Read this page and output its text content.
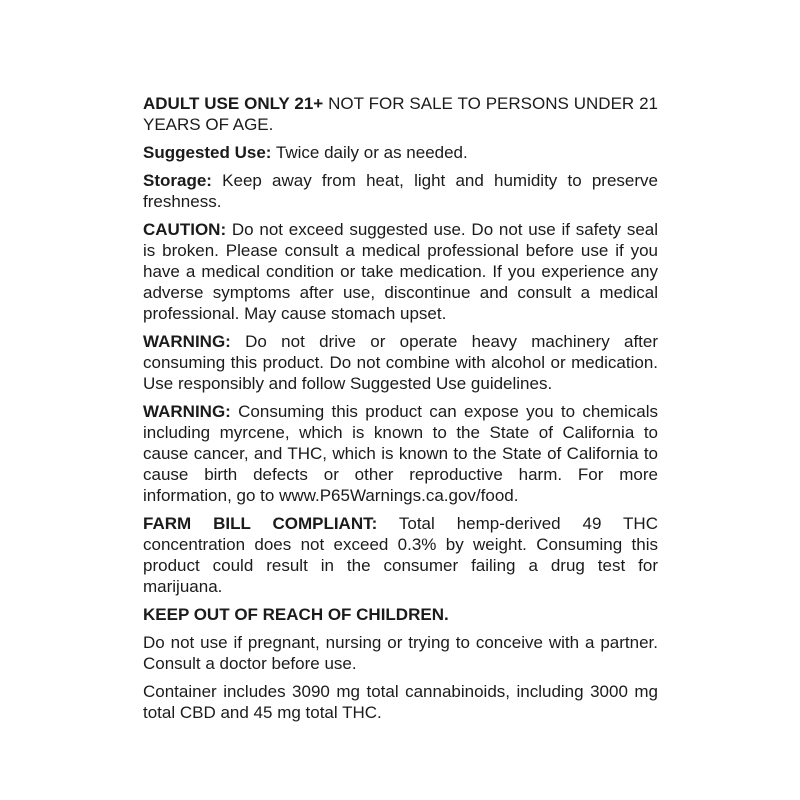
ADULT USE ONLY 21+ NOT FOR SALE TO PERSONS UNDER 21 YEARS OF AGE.

Suggested Use: Twice daily or as needed.

Storage: Keep away from heat, light and humidity to preserve freshness.

CAUTION: Do not exceed suggested use. Do not use if safety seal is broken. Please consult a medical professional before use if you have a medical condition or take medication. If you experience any adverse symptoms after use, discontinue and consult a medical professional. May cause stomach upset.

WARNING: Do not drive or operate heavy machinery after consuming this product. Do not combine with alcohol or medication. Use responsibly and follow Suggested Use guidelines.

WARNING: Consuming this product can expose you to chemicals including myrcene, which is known to the State of California to cause cancer, and THC, which is known to the State of California to cause birth defects or other reproductive harm. For more information, go to www.P65Warnings.ca.gov/food.

FARM BILL COMPLIANT: Total hemp-derived 49 THC concentration does not exceed 0.3% by weight. Consuming this product could result in the consumer failing a drug test for marijuana.

KEEP OUT OF REACH OF CHILDREN.

Do not use if pregnant, nursing or trying to conceive with a partner. Consult a doctor before use.

Container includes 3090 mg total cannabinoids, including 3000 mg total CBD and 45 mg total THC.
